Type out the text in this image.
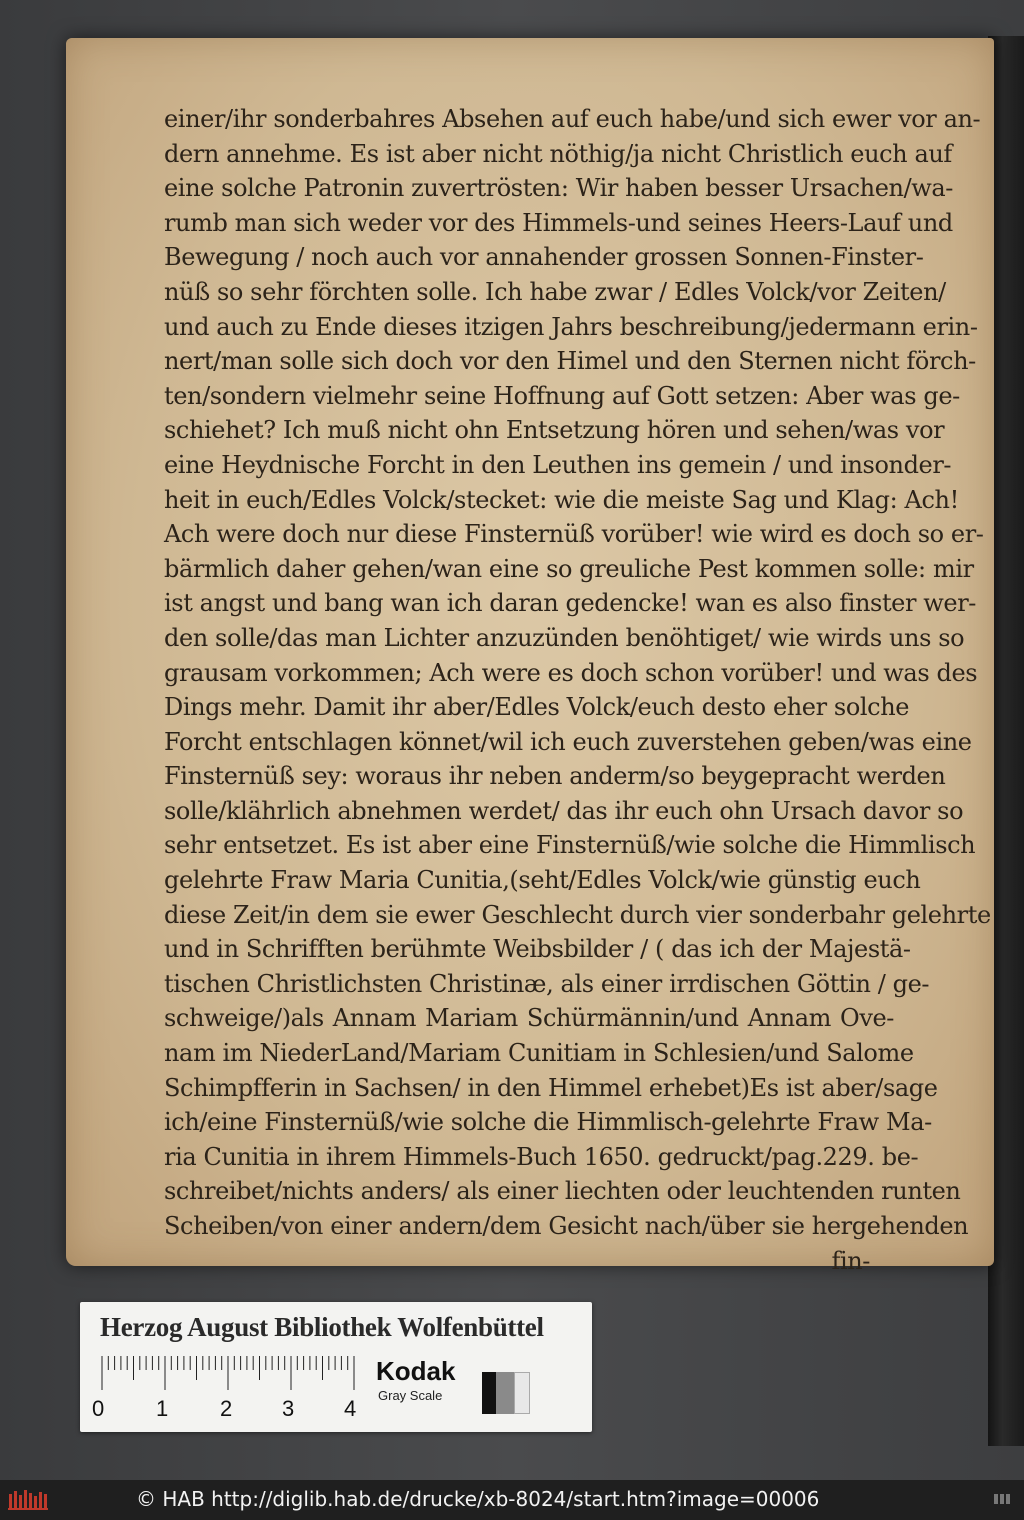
einer/ihr sonderbahres Absehen auf euch habe/und sich ewer vor an-
dern annehme. Es ist aber nicht nöthig/ja nicht Christlich euch auf
eine solche Patronin zuvertrösten: Wir haben besser Ursachen/wa-
rumb man sich weder vor des Himmels-und seines Heers-Lauf und
Bewegung / noch auch vor annahender grossen Sonnen-Finster-
nüß so sehr förchten solle. Ich habe zwar / Edles Volck/vor Zeiten/
und auch zu Ende dieses itzigen Jahrs beschreibung/jedermann erin-
nert/man solle sich doch vor den Himel und den Sternen nicht förch-
ten/sondern vielmehr seine Hoffnung auf Gott setzen: Aber was ge-
schiehet? Ich muß nicht ohn Entsetzung hören und sehen/was vor
eine Heydnische Forcht in den Leuthen ins gemein / und insonder-
heit in euch/Edles Volck/stecket: wie die meiste Sag und Klag: Ach!
Ach were doch nur diese Finsternüß vorüber! wie wird es doch so er-
bärmlich daher gehen/wan eine so greuliche Pest kommen solle: mir
ist angst und bang wan ich daran gedencke! wan es also finster wer-
den solle/das man Lichter anzuzünden benöhtiget/ wie wirds uns so
grausam vorkommen; Ach were es doch schon vorüber! und was des
Dings mehr. Damit ihr aber/Edles Volck/euch desto eher solche
Forcht entschlagen könnet/wil ich euch zuverstehen geben/was eine
Finsternüß sey: woraus ihr neben anderm/so beygepracht werden
solle/klährlich abnehmen werdet/ das ihr euch ohn Ursach davor so
sehr entsetzet. Es ist aber eine Finsternüß/wie solche die Himmlisch
gelehrte Fraw Maria Cunitia,(seht/Edles Volck/wie günstig euch
diese Zeit/in dem sie ewer Geschlecht durch vier sonderbahr gelehrte
und in Schrifften berühmte Weibsbilder / ( das ich der Majestä-
tischen Christlichsten Christinæ, als einer irrdischen Göttin / ge-
schweige/)als Annam Mariam Schürmännin/und Annam Ove-
nam im NiederLand/Mariam Cunitiam in Schlesien/und Salome
Schimpfferin in Sachsen/ in den Himmel erhebet)Es ist aber/sage
ich/eine Finsternüß/wie solche die Himmlisch-gelehrte Fraw Ma-
ria Cunitia in ihrem Himmels-Buch 1650. gedruckt/pag.229. be-
schreibet/nichts anders/ als einer liechten oder leuchtenden runten
Scheiben/von einer andern/dem Gesicht nach/über sie hergehenden
fin-
Herzog August Bibliothek Wolfenbüttel
0 1 2 3 4
Kodak
Gray Scale
© HAB http://diglib.hab.de/drucke/xb-8024/start.htm?image=00006
